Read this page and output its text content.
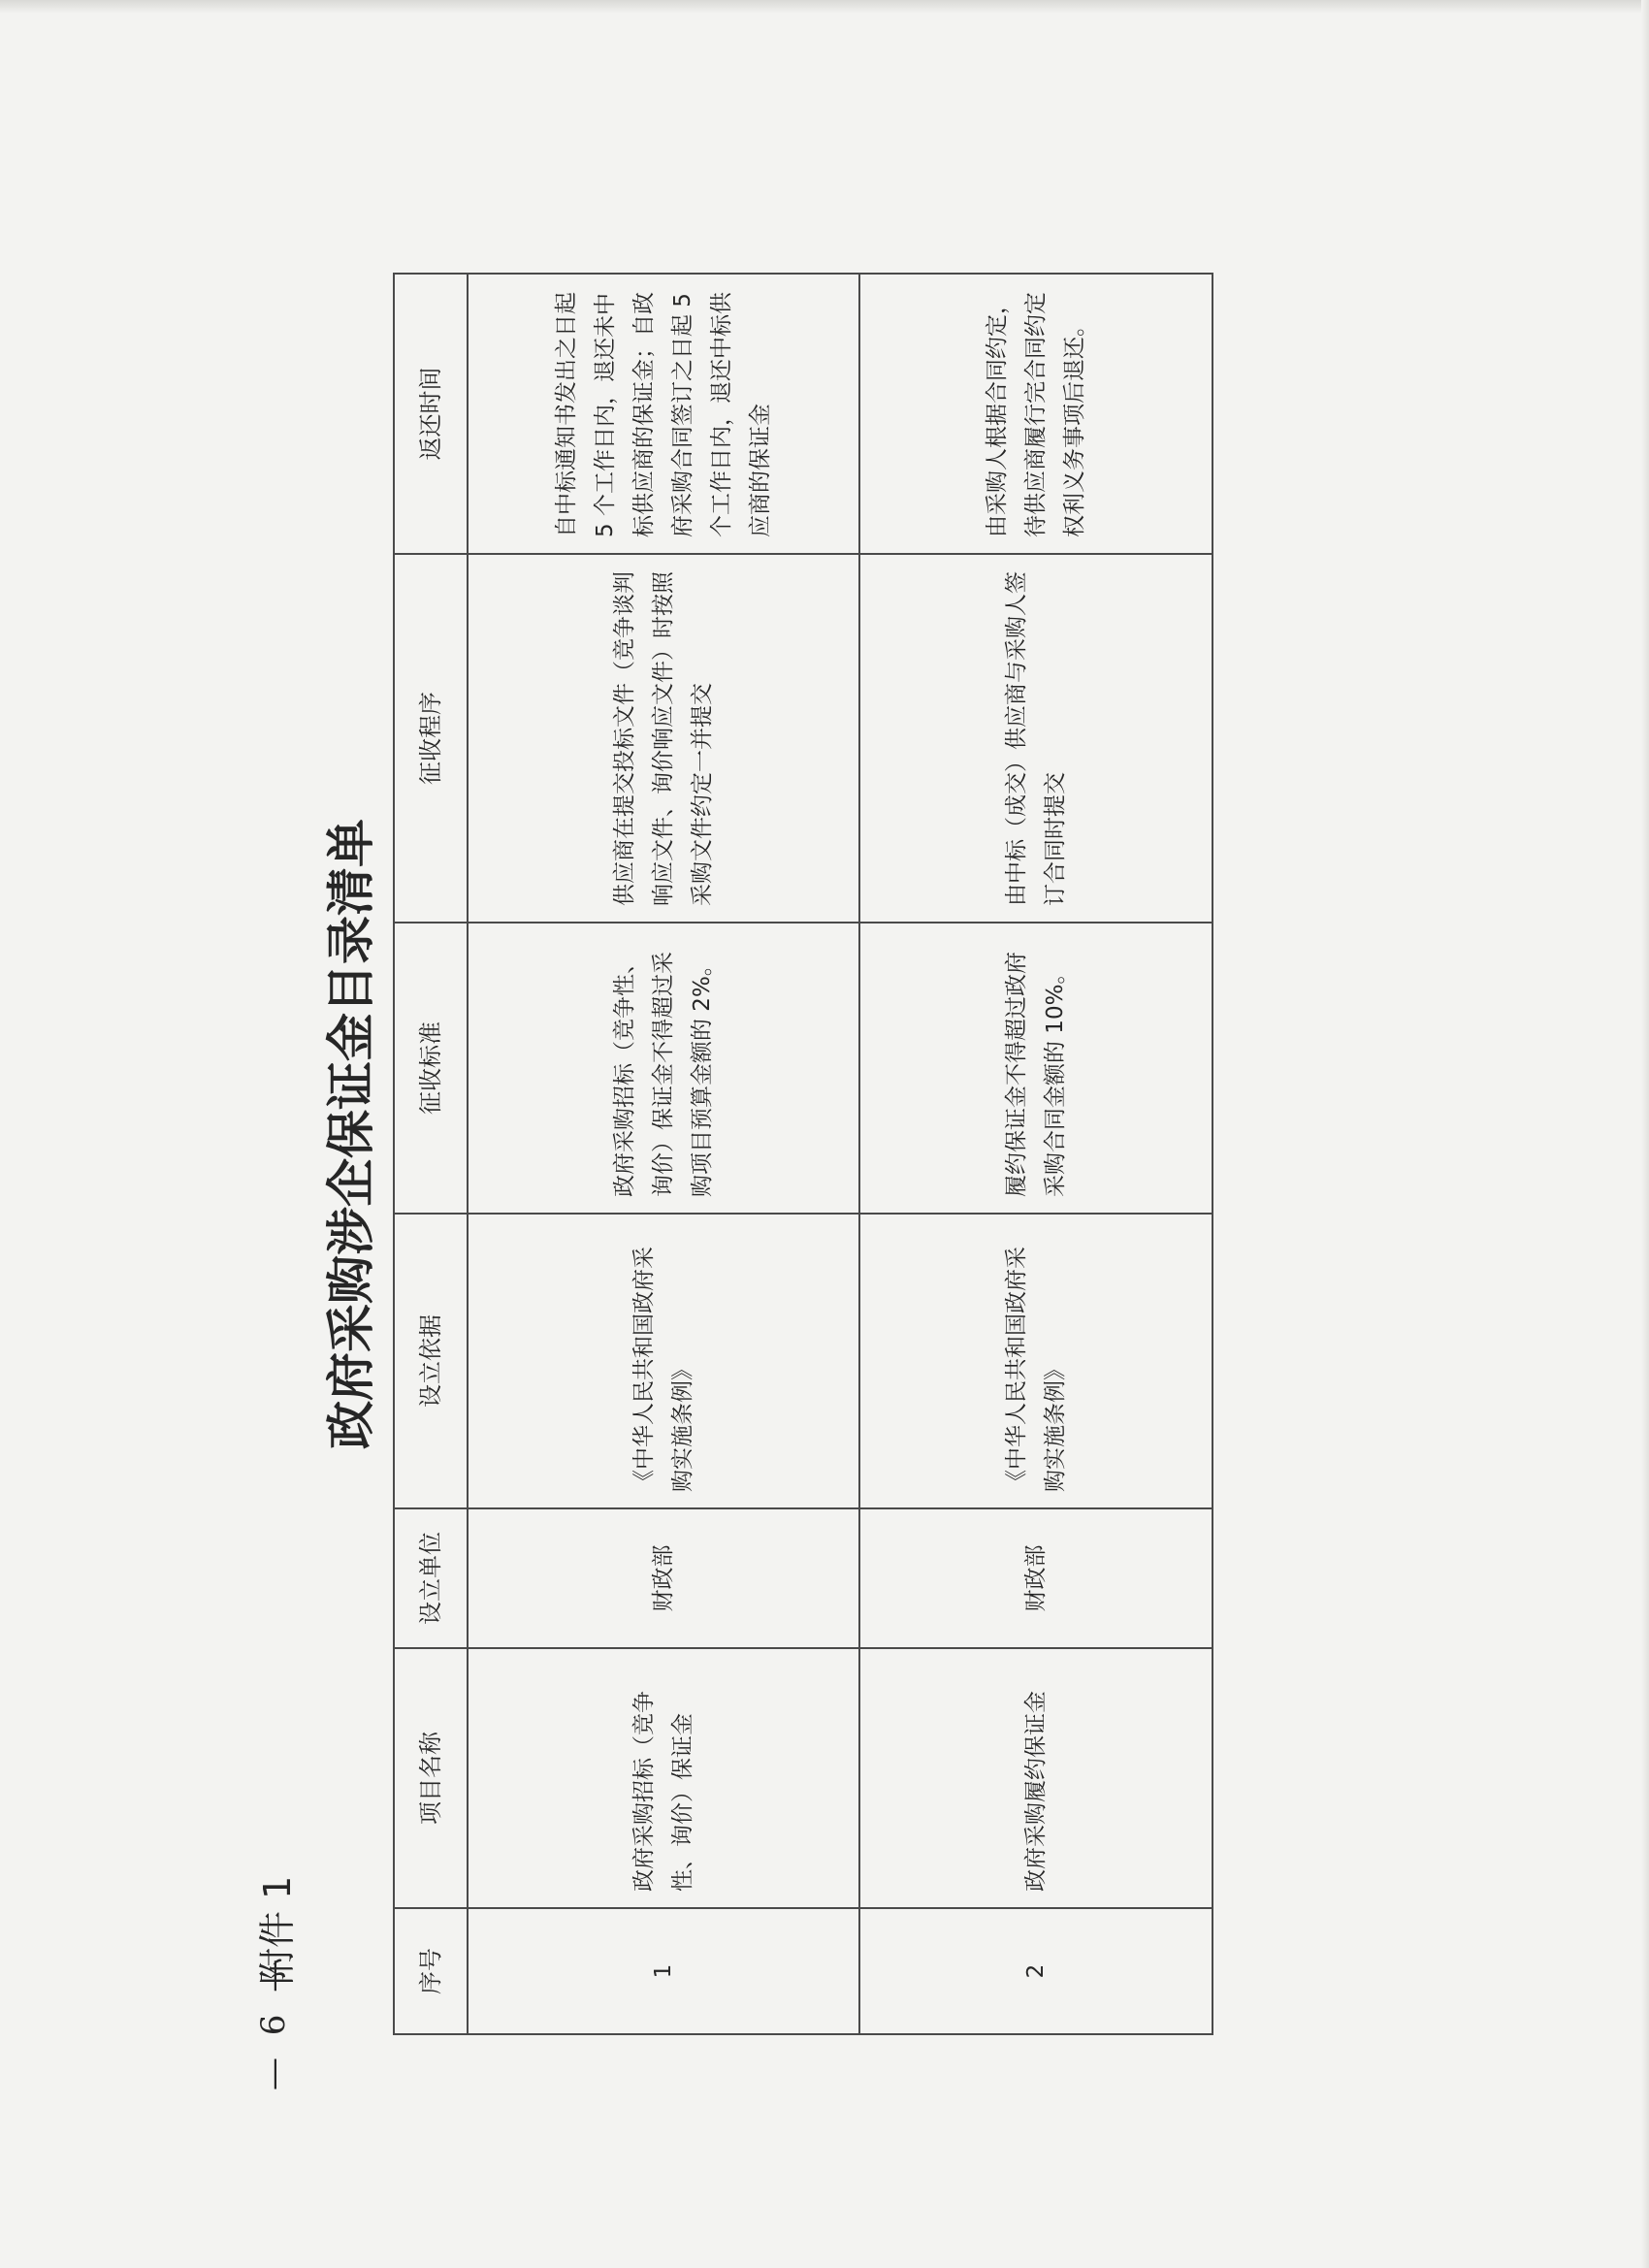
— 6 —
附件 1
政府采购涉企保证金目录清单
序号	项目名称	设立单位	设立依据	征收标准	征收程序	返还时间
1	政府采购招标（竞争性、询价）保证金	财政部	《中华人民共和国政府采购实施条例》	政府采购招标（竞争性、询价）保证金不得超过采购项目预算金额的 2%。	供应商在提交投标文件（竞争谈判响应文件、询价响应文件）时按照采购文件约定一并提交	自中标通知书发出之日起 5 个工作日内，退还未中标供应商的保证金；自政府采购合同签订之日起 5 个工作日内，退还中标供应商的保证金
2	政府采购履约保证金	财政部	《中华人民共和国政府采购实施条例》	履约保证金不得超过政府采购合同金额的 10%。	由中标（成交）供应商与采购人签订合同时提交	由采购人根据合同约定，待供应商履行完合同约定权利义务事项后退还。
